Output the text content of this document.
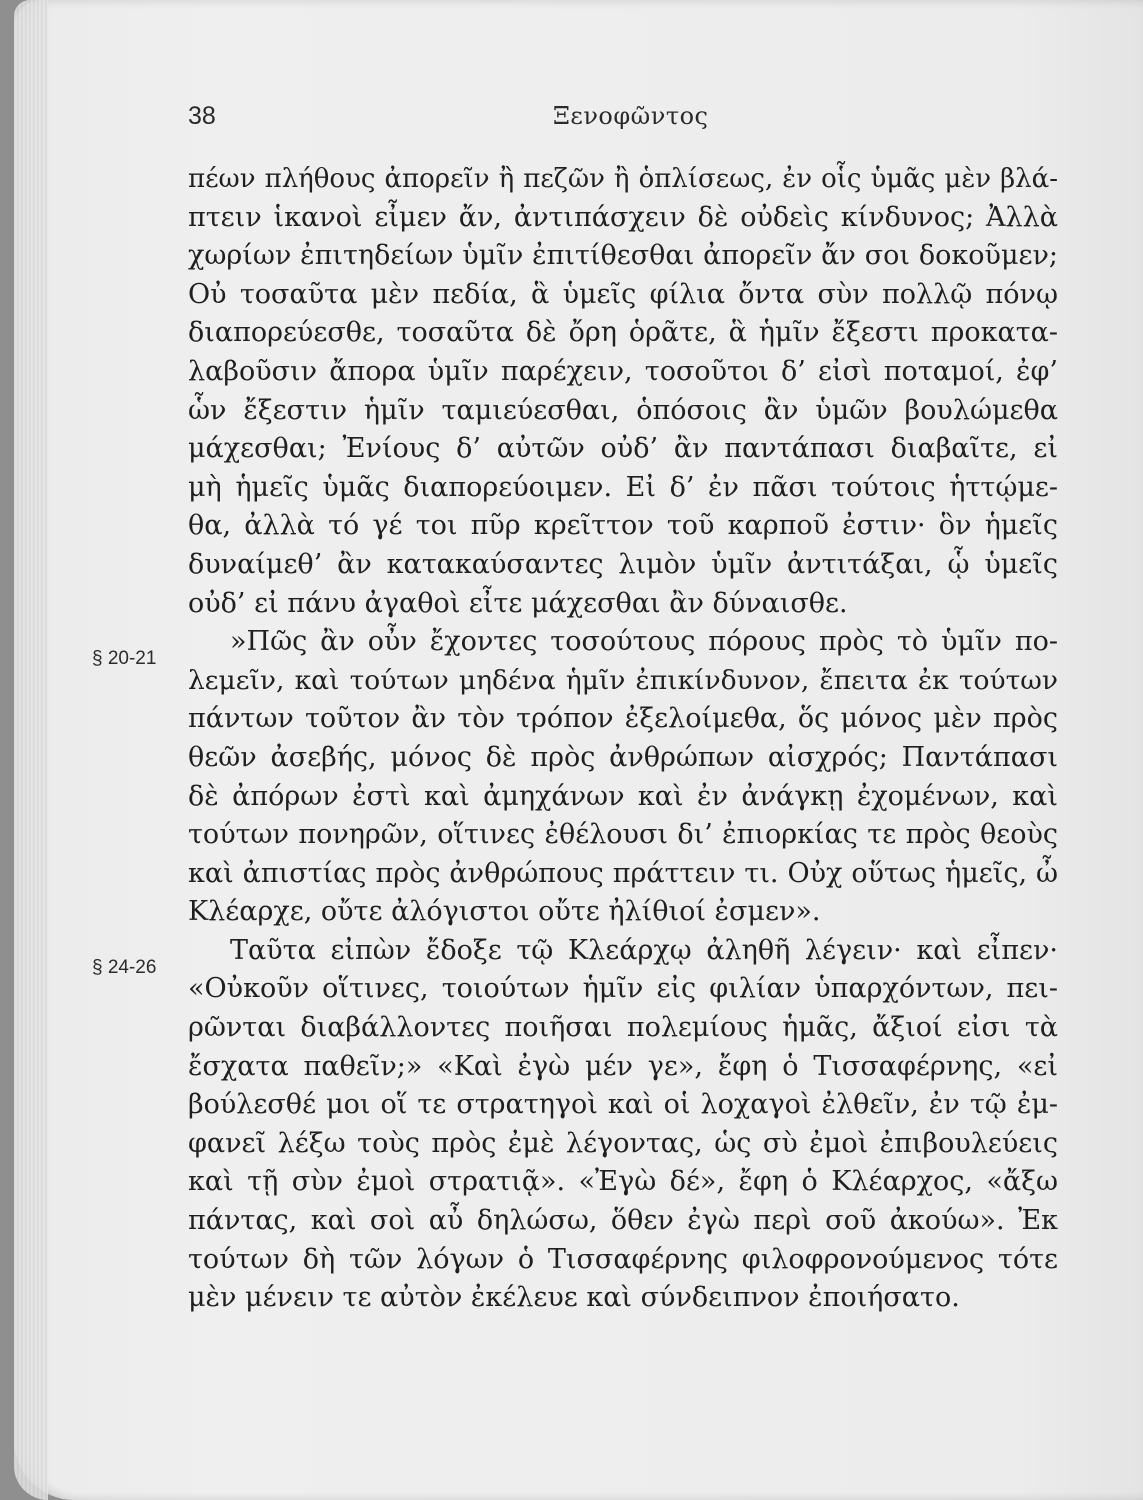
38	Ξενοφῶντος
§ 20-21
§ 24-26
πέων πλήθους ἀπορεῖν ἢ πεζῶν ἢ ὁπλίσεως, ἐν οἷς ὑμᾶς μὲν βλά-
πτειν ἱκανοὶ εἶμεν ἄν, ἀντιπάσχειν δὲ οὐδεὶς κίνδυνος; Ἀλλὰ
χωρίων ἐπιτηδείων ὑμῖν ἐπιτίθεσθαι ἀπορεῖν ἄν σοι δοκοῦμεν;
Οὐ τοσαῦτα μὲν πεδία, ἃ ὑμεῖς φίλια ὄντα σὺν πολλῷ πόνῳ
διαπορεύεσθε, τοσαῦτα δὲ ὄρη ὁρᾶτε, ἃ ἡμῖν ἔξεστι προκατα-
λαβοῦσιν ἄπορα ὑμῖν παρέχειν, τοσοῦτοι δ’ εἰσὶ ποταμοί, ἐφ’
ὧν ἔξεστιν ἡμῖν ταμιεύεσθαι, ὁπόσοις ἂν ὑμῶν βουλώμεθα
μάχεσθαι; Ἐνίους δ’ αὐτῶν οὐδ’ ἂν παντάπασι διαβαῖτε, εἰ
μὴ ἡμεῖς ὑμᾶς διαπορεύοιμεν. Εἰ δ’ ἐν πᾶσι τούτοις ἡττῴμε-
θα, ἀλλὰ τό γέ τοι πῦρ κρεῖττον τοῦ καρποῦ ἐστιν· ὃν ἡμεῖς
δυναίμεθ’ ἂν κατακαύσαντες λιμὸν ὑμῖν ἀντιτάξαι, ᾧ ὑμεῖς
οὐδ’ εἰ πάνυ ἀγαθοὶ εἶτε μάχεσθαι ἂν δύναισθε.
»Πῶς ἂν οὖν ἔχοντες τοσούτους πόρους πρὸς τὸ ὑμῖν πο-
λεμεῖν, καὶ τούτων μηδένα ἡμῖν ἐπικίνδυνον, ἔπειτα ἐκ τούτων
πάντων τοῦτον ἂν τὸν τρόπον ἐξελοίμεθα, ὅς μόνος μὲν πρὸς
θεῶν ἀσεβής, μόνος δὲ πρὸς ἀνθρώπων αἰσχρός; Παντάπασι
δὲ ἀπόρων ἐστὶ καὶ ἀμηχάνων καὶ ἐν ἀνάγκῃ ἐχομένων, καὶ
τούτων πονηρῶν, οἵτινες ἐθέλουσι δι’ ἐπιορκίας τε πρὸς θεοὺς
καὶ ἀπιστίας πρὸς ἀνθρώπους πράττειν τι. Οὐχ οὕτως ἡμεῖς, ὦ
Κλέαρχε, οὔτε ἀλόγιστοι οὔτε ἠλίθιοί ἐσμεν».
Ταῦτα εἰπὼν ἔδοξε τῷ Κλεάρχῳ ἀληθῆ λέγειν· καὶ εἶπεν·
«Οὐκοῦν οἵτινες, τοιούτων ἡμῖν εἰς φιλίαν ὑπαρχόντων, πει-
ρῶνται διαβάλλοντες ποιῆσαι πολεμίους ἡμᾶς, ἄξιοί εἰσι τὰ
ἔσχατα παθεῖν;» «Καὶ ἐγὼ μέν γε», ἔφη ὁ Τισσαφέρνης, «εἰ
βούλεσθέ μοι οἵ τε στρατηγοὶ καὶ οἱ λοχαγοὶ ἐλθεῖν, ἐν τῷ ἐμ-
φανεῖ λέξω τοὺς πρὸς ἐμὲ λέγοντας, ὡς σὺ ἐμοὶ ἐπιβουλεύεις
καὶ τῇ σὺν ἐμοὶ στρατιᾷ». «Ἐγὼ δέ», ἔφη ὁ Κλέαρχος, «ἄξω
πάντας, καὶ σοὶ αὖ δηλώσω, ὅθεν ἐγὼ περὶ σοῦ ἀκούω». Ἐκ
τούτων δὴ τῶν λόγων ὁ Τισσαφέρνης φιλοφρονούμενος τότε
μὲν μένειν τε αὐτὸν ἐκέλευε καὶ σύνδειπνον ἐποιήσατο.
